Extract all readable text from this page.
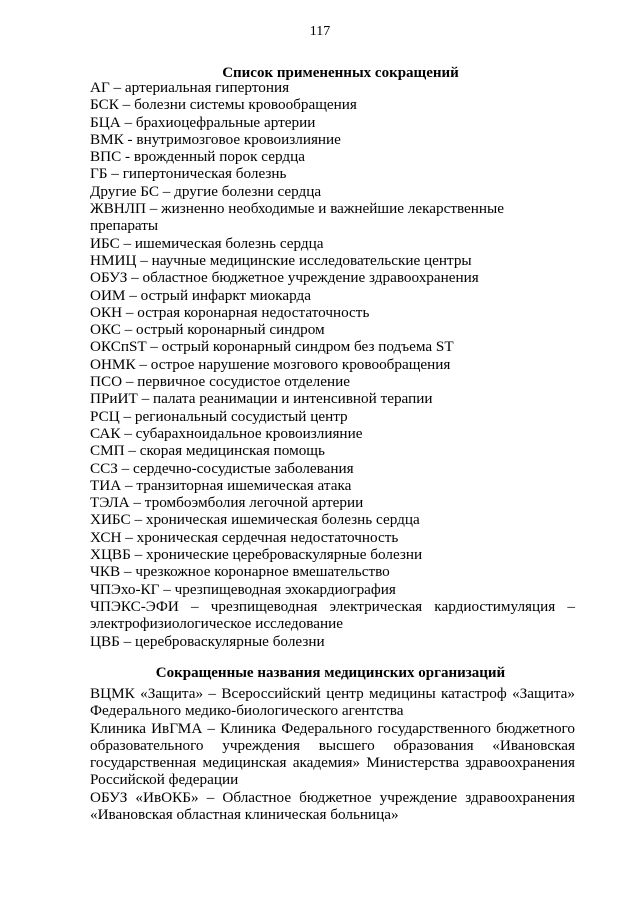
117
Список примененных сокращений
АГ – артериальная гипертония
БСК – болезни системы кровообращения
БЦА – брахиоцефральные артерии
ВМК - внутримозговое кровоизлияние
ВПС - врожденный порок сердца
ГБ – гипертоническая болезнь
Другие БС – другие болезни сердца
ЖВНЛП – жизненно необходимые и важнейшие лекарственные препараты
ИБС – ишемическая болезнь сердца
НМИЦ – научные медицинские исследовательские центры
ОБУЗ – областное бюджетное учреждение здравоохранения
ОИМ – острый инфаркт миокарда
ОКН – острая коронарная недостаточность
ОКС – острый коронарный синдром
ОКСпST – острый коронарный синдром без подъема ST
ОНМК – острое нарушение мозгового кровообращения
ПСО – первичное сосудистое отделение
ПРиИТ – палата реанимации и интенсивной терапии
РСЦ – региональный сосудистый центр
САК – субарахноидальное кровоизлияние
СМП – скорая медицинская помощь
ССЗ – сердечно-сосудистые заболевания
ТИА – транзиторная ишемическая атака
ТЭЛА – тромбоэмболия легочной артерии
ХИБС – хроническая ишемическая болезнь сердца
ХСН – хроническая сердечная недостаточность
ХЦВБ – хронические цереброваскулярные болезни
ЧКВ – чрезкожное коронарное вмешательство
ЧПЭхо-КГ – чрезпищеводная эхокардиография
ЧПЭКС-ЭФИ – чрезпищеводная электрическая кардиостимуляция – электрофизиологическое исследование
ЦВБ – цереброваскулярные болезни
Сокращенные названия медицинских организаций
ВЦМК «Защита» – Всероссийский центр медицины катастроф «Защита» Федерального медико-биологического агентства
Клиника ИвГМА – Клиника Федерального государственного бюджетного образовательного учреждения высшего образования «Ивановская государственная медицинская академия» Министерства здравоохранения Российской федерации
ОБУЗ «ИвОКБ» – Областное бюджетное учреждение здравоохранения «Ивановская областная клиническая больница»
